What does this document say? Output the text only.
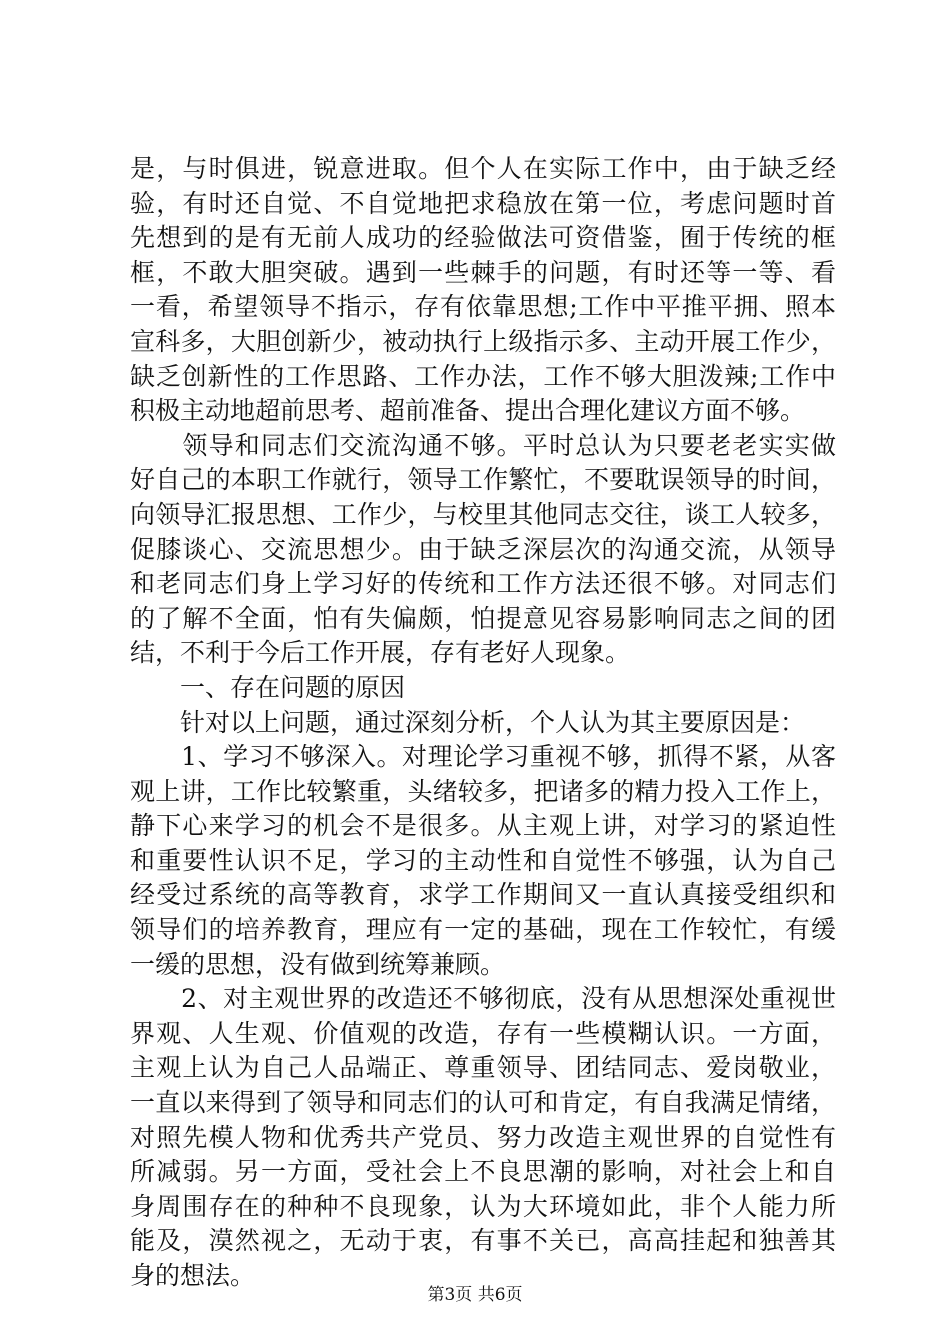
是，与时俱进，锐意进取。但个人在实际工作中，由于缺乏经
验，有时还自觉、不自觉地把求稳放在第一位，考虑问题时首
先想到的是有无前人成功的经验做法可资借鉴，囿于传统的框
框，不敢大胆突破。遇到一些棘手的问题，有时还等一等、看
一看，希望领导不指示，存有依靠思想;工作中平推平拥、照本
宣科多，大胆创新少，被动执行上级指示多、主动开展工作少，
缺乏创新性的工作思路、工作办法，工作不够大胆泼辣;工作中
积极主动地超前思考、超前准备、提出合理化建议方面不够。
　　领导和同志们交流沟通不够。平时总认为只要老老实实做
好自己的本职工作就行，领导工作繁忙，不要耽误领导的时间，
向领导汇报思想、工作少，与校里其他同志交往，谈工人较多，
促膝谈心、交流思想少。由于缺乏深层次的沟通交流，从领导
和老同志们身上学习好的传统和工作方法还很不够。对同志们
的了解不全面，怕有失偏颇，怕提意见容易影响同志之间的团
结，不利于今后工作开展，存有老好人现象。
　　一、存在问题的原因
　　针对以上问题，通过深刻分析，个人认为其主要原因是：
　　1、学习不够深入。对理论学习重视不够，抓得不紧，从客
观上讲，工作比较繁重，头绪较多，把诸多的精力投入工作上，
静下心来学习的机会不是很多。从主观上讲，对学习的紧迫性
和重要性认识不足，学习的主动性和自觉性不够强，认为自己
经受过系统的高等教育，求学工作期间又一直认真接受组织和
领导们的培养教育，理应有一定的基础，现在工作较忙，有缓
一缓的思想，没有做到统筹兼顾。
　　2、对主观世界的改造还不够彻底，没有从思想深处重视世
界观、人生观、价值观的改造，存有一些模糊认识。一方面，
主观上认为自己人品端正、尊重领导、团结同志、爱岗敬业，
一直以来得到了领导和同志们的认可和肯定，有自我满足情绪，
对照先模人物和优秀共产党员、努力改造主观世界的自觉性有
所减弱。另一方面，受社会上不良思潮的影响，对社会上和自
身周围存在的种种不良现象，认为大环境如此，非个人能力所
能及，漠然视之，无动于衷，有事不关已，高高挂起和独善其
身的想法。
第3页 共6页
